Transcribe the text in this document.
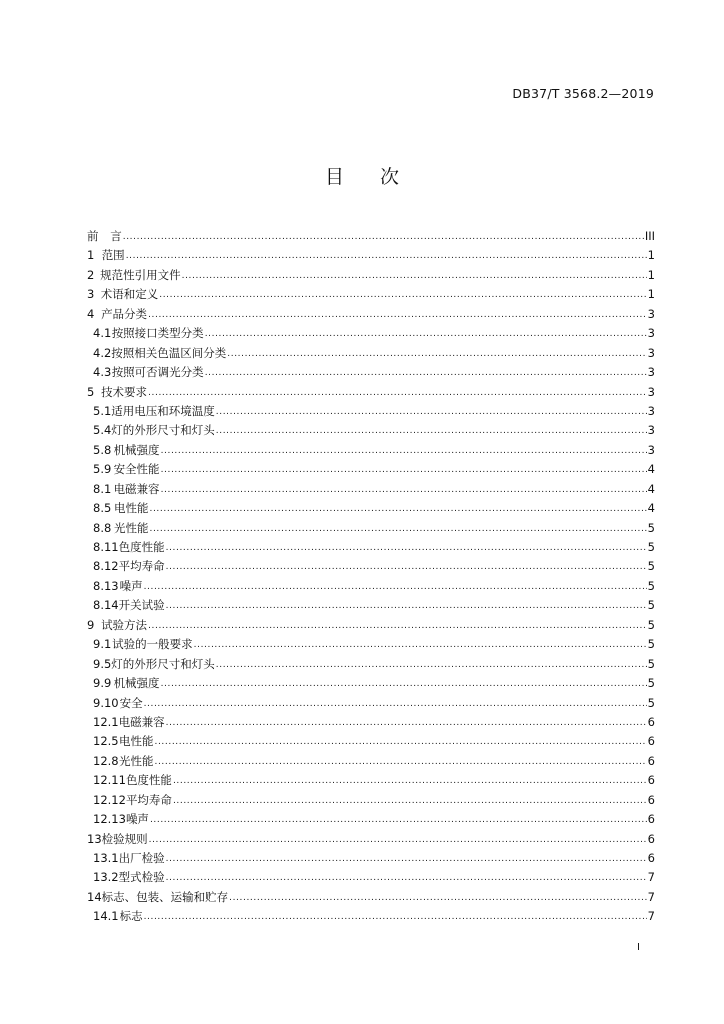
DB37/T 3568.2—2019
目 次
前	言 .....	III
1 范围 .....	1
2 规范性引用文件 .....	1
3 术语和定义 .....	1
4 产品分类 .....	3
4.1 按照接口类型分类 .....	3
4.2 按照相关色温区间分类 .....	3
4.3 按照可否调光分类 .....	3
5 技术要求 .....	3
5.1 适用电压和环境温度 .....	3
5.4 灯的外形尺寸和灯头 .....	3
5.8 机械强度 .....	3
5.9 安全性能 .....	4
8.1 电磁兼容 .....	4
8.5 电性能 .....	4
8.8 光性能 .....	5
8.11 色度性能 .....	5
8.12 平均寿命 .....	5
8.13 噪声 .....	5
8.14 开关试验 .....	5
9 试验方法 .....	5
9.1 试验的一般要求 .....	5
9.5 灯的外形尺寸和灯头 .....	5
9.9 机械强度 .....	5
9.10 安全 .....	5
12.1 电磁兼容 .....	6
12.5 电性能 .....	6
12.8 光性能 .....	6
12.11 色度性能 .....	6
12.12 平均寿命 .....	6
12.13 噪声 .....	6
13 检验规则 .....	6
13.1 出厂检验 .....	6
13.2 型式检验 .....	7
14 标志、包装、运输和贮存 .....	7
14.1 标志 .....	7
I
